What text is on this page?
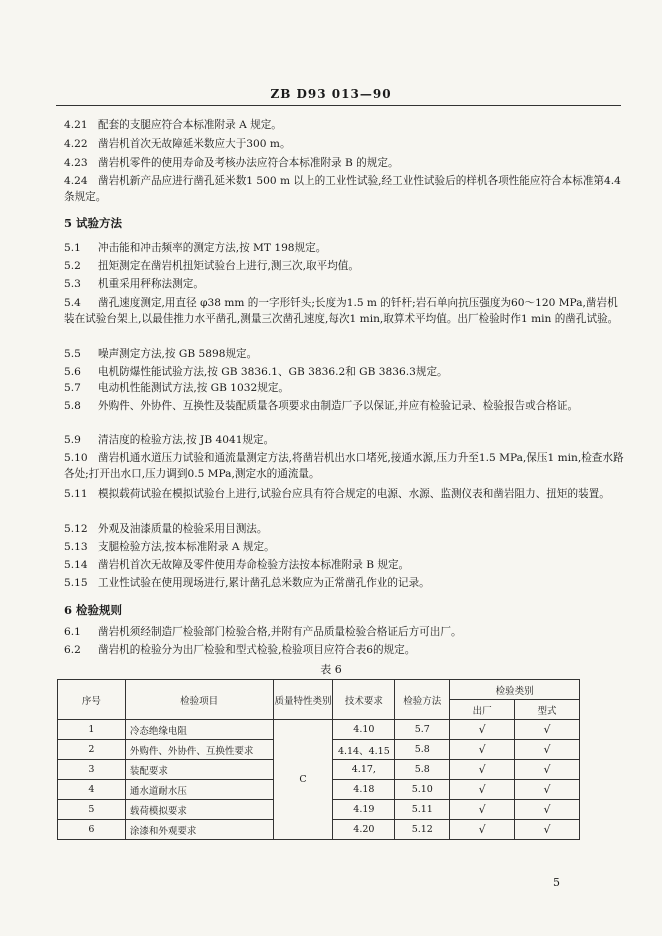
ZB D93 013—90
4.21 配套的支腿应符合本标准附录 A 规定。
4.22 凿岩机首次无故障延米数应大于300 m。
4.23 凿岩机零件的使用寿命及考核办法应符合本标准附录 B 的规定。
4.24 凿岩机新产品应进行凿孔延米数1 500 m 以上的工业性试验,经工业性试验后的样机各项性能应符合本标准第4.4条规定。
5 试验方法
5.1 冲击能和冲击频率的测定方法,按 MT 198规定。
5.2 扭矩测定在凿岩机扭矩试验台上进行,测三次,取平均值。
5.3 机重采用秤称法测定。
5.4 凿孔速度测定,用直径 φ38 mm 的一字形钎头;长度为1.5 m 的钎杆;岩石单向抗压强度为60～120 MPa,凿岩机装在试验台架上,以最佳推力水平凿孔,测量三次凿孔速度,每次1 min,取算术平均值。出厂检验时作1 min 的凿孔试验。
5.5 噪声测定方法,按 GB 5898规定。
5.6 电机防爆性能试验方法,按 GB 3836.1、GB 3836.2和 GB 3836.3规定。
5.7 电动机性能测试方法,按 GB 1032规定。
5.8 外购件、外协件、互换性及装配质量各项要求由制造厂予以保证,并应有检验记录、检验报告或合格证。
5.9 清洁度的检验方法,按 JB 4041规定。
5.10 凿岩机通水道压力试验和通流量测定方法,将凿岩机出水口堵死,接通水源,压力升至1.5 MPa,保压1 min,检查水路各处;打开出水口,压力调到0.5 MPa,测定水的通流量。
5.11 模拟载荷试验在模拟试验台上进行,试验台应具有符合规定的电源、水源、监测仪表和凿岩阻力、扭矩的装置。
5.12 外观及油漆质量的检验采用目测法。
5.13 支腿检验方法,按本标准附录 A 规定。
5.14 凿岩机首次无故障及零件使用寿命检验方法按本标准附录 B 规定。
5.15 工业性试验在使用现场进行,累计凿孔总米数应为正常凿孔作业的记录。
6 检验规则
6.1 凿岩机须经制造厂检验部门检验合格,并附有产品质量检验合格证后方可出厂。
6.2 凿岩机的检验分为出厂检验和型式检验,检验项目应符合表6的规定。
表 6
序号	检验项目	质量特性类别	技术要求	检验方法	检验类别	
					出厂	型式
1	冷态绝缘电阻	C	4.10	5.7	√	√
2	外购件、外协件、互换性要求		4.14、4.15	5.8	√	√
3	装配要求		4.17,	5.8	√	√
4	通水道耐水压		4.18	5.10	√	√
5	载荷模拟要求		4.19	5.11	√	√
6	涂漆和外观要求		4.20	5.12	√	√
5
